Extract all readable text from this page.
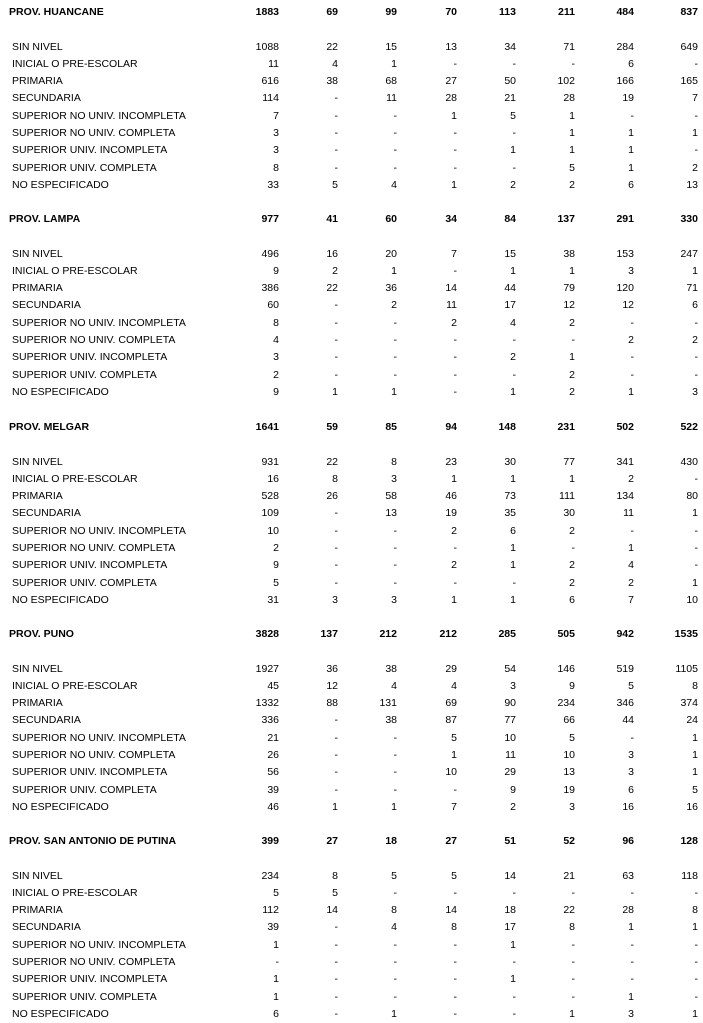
PROV. HUANCANE	1883	69	99	70	113	211	484	837
SIN NIVEL	1088	22	15	13	34	71	284	649
INICIAL O PRE-ESCOLAR	11	4	1	-	-	-	6	-
PRIMARIA	616	38	68	27	50	102	166	165
SECUNDARIA	114	-	11	28	21	28	19	7
SUPERIOR NO UNIV. INCOMPLETA	7	-	-	1	5	1	-	-
SUPERIOR NO UNIV. COMPLETA	3	-	-	-	-	1	1	1
SUPERIOR UNIV. INCOMPLETA	3	-	-	-	1	1	1	-
SUPERIOR UNIV. COMPLETA	8	-	-	-	-	5	1	2
NO ESPECIFICADO	33	5	4	1	2	2	6	13
PROV. LAMPA	977	41	60	34	84	137	291	330
SIN NIVEL	496	16	20	7	15	38	153	247
INICIAL O PRE-ESCOLAR	9	2	1	-	1	1	3	1
PRIMARIA	386	22	36	14	44	79	120	71
SECUNDARIA	60	-	2	11	17	12	12	6
SUPERIOR NO UNIV. INCOMPLETA	8	-	-	2	4	2	-	-
SUPERIOR NO UNIV. COMPLETA	4	-	-	-	-	-	2	2
SUPERIOR UNIV. INCOMPLETA	3	-	-	-	2	1	-	-
SUPERIOR UNIV. COMPLETA	2	-	-	-	-	2	-	-
NO ESPECIFICADO	9	1	1	-	1	2	1	3
PROV. MELGAR	1641	59	85	94	148	231	502	522
SIN NIVEL	931	22	8	23	30	77	341	430
INICIAL O PRE-ESCOLAR	16	8	3	1	1	1	2	-
PRIMARIA	528	26	58	46	73	111	134	80
SECUNDARIA	109	-	13	19	35	30	11	1
SUPERIOR NO UNIV. INCOMPLETA	10	-	-	2	6	2	-	-
SUPERIOR NO UNIV. COMPLETA	2	-	-	-	1	-	1	-
SUPERIOR UNIV. INCOMPLETA	9	-	-	2	1	2	4	-
SUPERIOR UNIV. COMPLETA	5	-	-	-	-	2	2	1
NO ESPECIFICADO	31	3	3	1	1	6	7	10
PROV. PUNO	3828	137	212	212	285	505	942	1535
SIN NIVEL	1927	36	38	29	54	146	519	1105
INICIAL O PRE-ESCOLAR	45	12	4	4	3	9	5	8
PRIMARIA	1332	88	131	69	90	234	346	374
SECUNDARIA	336	-	38	87	77	66	44	24
SUPERIOR NO UNIV. INCOMPLETA	21	-	-	5	10	5	-	1
SUPERIOR NO UNIV. COMPLETA	26	-	-	1	11	10	3	1
SUPERIOR UNIV. INCOMPLETA	56	-	-	10	29	13	3	1
SUPERIOR UNIV. COMPLETA	39	-	-	-	9	19	6	5
NO ESPECIFICADO	46	1	1	7	2	3	16	16
PROV. SAN ANTONIO DE PUTINA	399	27	18	27	51	52	96	128
SIN NIVEL	234	8	5	5	14	21	63	118
INICIAL O PRE-ESCOLAR	5	5	-	-	-	-	-	-
PRIMARIA	112	14	8	14	18	22	28	8
SECUNDARIA	39	-	4	8	17	8	1	1
SUPERIOR NO UNIV. INCOMPLETA	1	-	-	-	1	-	-	-
SUPERIOR NO UNIV. COMPLETA	-	-	-	-	-	-	-	-
SUPERIOR UNIV. INCOMPLETA	1	-	-	-	1	-	-	-
SUPERIOR UNIV. COMPLETA	1	-	-	-	-	-	1	-
NO ESPECIFICADO	6	-	1	-	-	1	3	1
